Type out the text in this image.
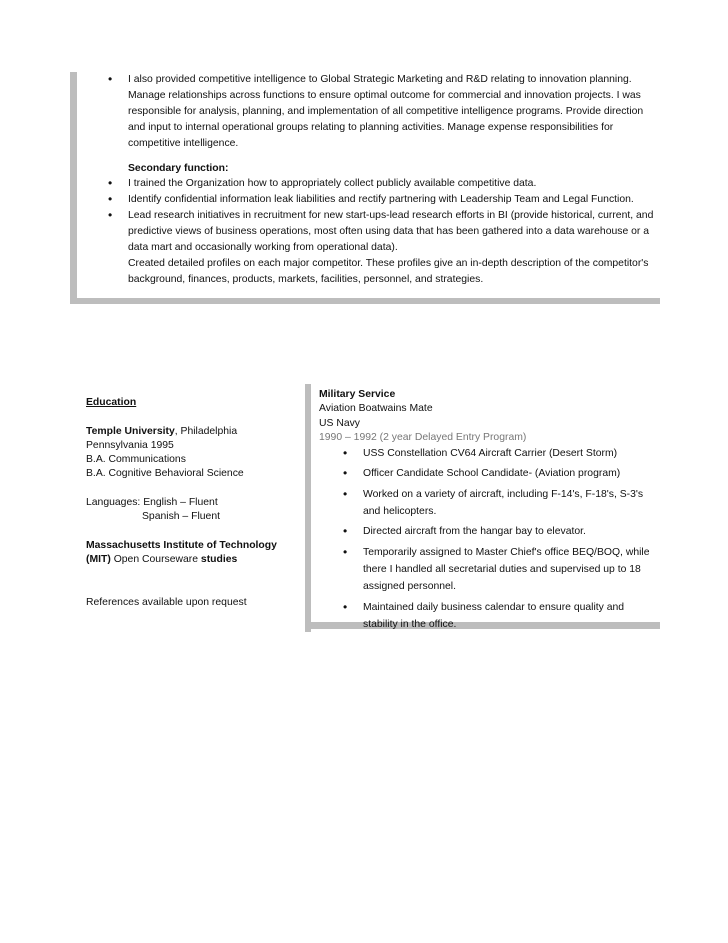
• I also provided competitive intelligence to Global Strategic Marketing and R&D relating to innovation planning. Manage relationships across functions to ensure optimal outcome for commercial and innovation projects. I was responsible for analysis, planning, and implementation of all competitive intelligence programs. Provide direction and input to internal operational groups relating to planning activities. Manage expense responsibilities for competitive intelligence.
Secondary function:
• I trained the Organization how to appropriately collect publicly available competitive data.
• Identify confidential information leak liabilities and rectify partnering with Leadership Team and Legal Function.
• Lead research initiatives in recruitment for new start-ups-lead research efforts in BI (provide historical, current, and predictive views of business operations, most often using data that has been gathered into a data warehouse or a data mart and occasionally working from operational data).
Created detailed profiles on each major competitor. These profiles give an in-depth description of the competitor's background, finances, products, markets, facilities, personnel, and strategies.
Education
Temple University, Philadelphia
Pennsylvania 1995
B.A. Communications
B.A. Cognitive Behavioral Science
Languages: English – Fluent
Spanish – Fluent
Massachusetts Institute of Technology
(MIT) Open Courseware studies
References available upon request
Military Service
Aviation Boatwains Mate
US Navy
1990 – 1992 (2 year Delayed Entry Program)
• USS Constellation CV64 Aircraft Carrier (Desert Storm)
• Officer Candidate School Candidate- (Aviation program)
• Worked on a variety of aircraft, including F-14's, F-18's, S-3's and helicopters.
• Directed aircraft from the hangar bay to elevator.
• Temporarily assigned to Master Chief's office BEQ/BOQ, while there I handled all secretarial duties and supervised up to 18 assigned personnel.
• Maintained daily business calendar to ensure quality and stability in the office.
